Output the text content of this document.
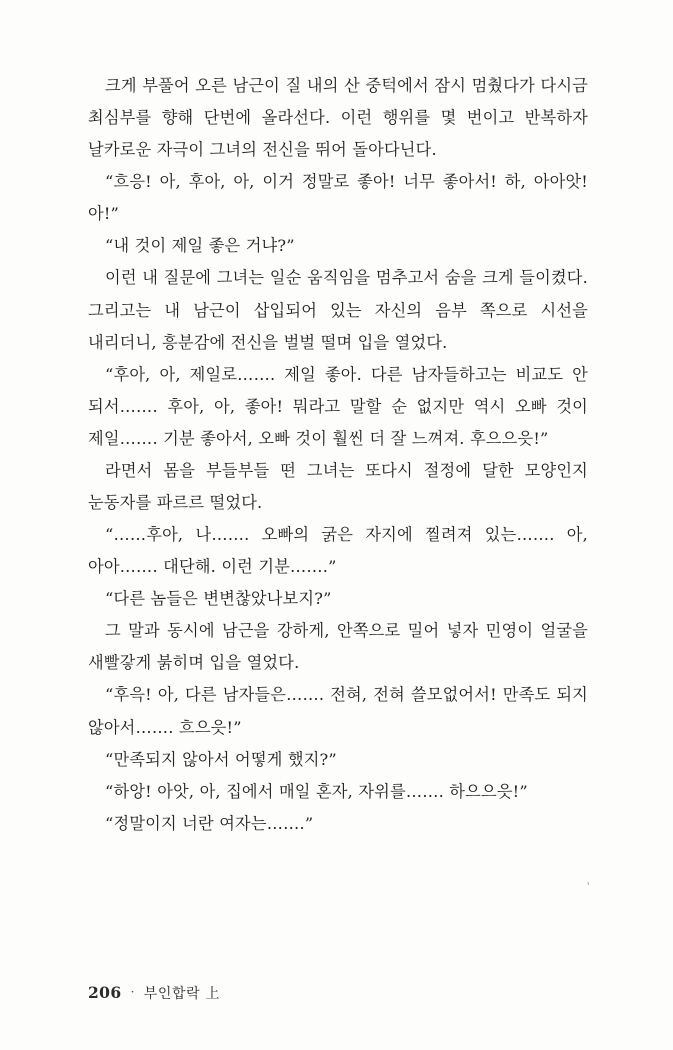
크게 부풀어 오른 남근이 질 내의 산 중턱에서 잠시 멈췄다가 다시금 최심부를 향해 단번에 올라선다. 이런 행위를 몇 번이고 반복하자 날카로운 자극이 그녀의 전신을 뛰어 돌아다닌다.

“흐응! 아, 후아, 아, 이거 정말로 좋아! 너무 좋아서! 하, 아아앗! 아!”

“내 것이 제일 좋은 거냐?”

이런 내 질문에 그녀는 일순 움직임을 멈추고서 숨을 크게 들이켰다. 그리고는 내 남근이 삽입되어 있는 자신의 음부 쪽으로 시선을 내리더니, 흥분감에 전신을 벌벌 떨며 입을 열었다.

“후아, 아, 제일로……. 제일 좋아. 다른 남자들하고는 비교도 안 되서……. 후아, 아, 좋아! 뭐라고 말할 순 없지만 역시 오빠 것이 제일……. 기분 좋아서, 오빠 것이 훨씬 더 잘 느껴져. 후으으읏!”

라면서 몸을 부들부들 떤 그녀는 또다시 절정에 달한 모양인지 눈동자를 파르르 떨었다.

“……후아, 나……. 오빠의 굵은 자지에 찔려져 있는……. 아, 아아……. 대단해. 이런 기분…….”

“다른 놈들은 변변찮았나보지?”

그 말과 동시에 남근을 강하게, 안쪽으로 밀어 넣자 민영이 얼굴을 새빨갛게 붉히며 입을 열었다.

“후윽! 아, 다른 남자들은……. 전혀, 전혀 쓸모없어서! 만족도 되지 않아서……. 흐으읏!”

“만족되지 않아서 어떻게 했지?”

“하앙! 아앗, 아, 집에서 매일 혼자, 자위를……. 하으으읏!”

“정말이지 너란 여자는…….”

ˋ
206 · 부인합락 上
